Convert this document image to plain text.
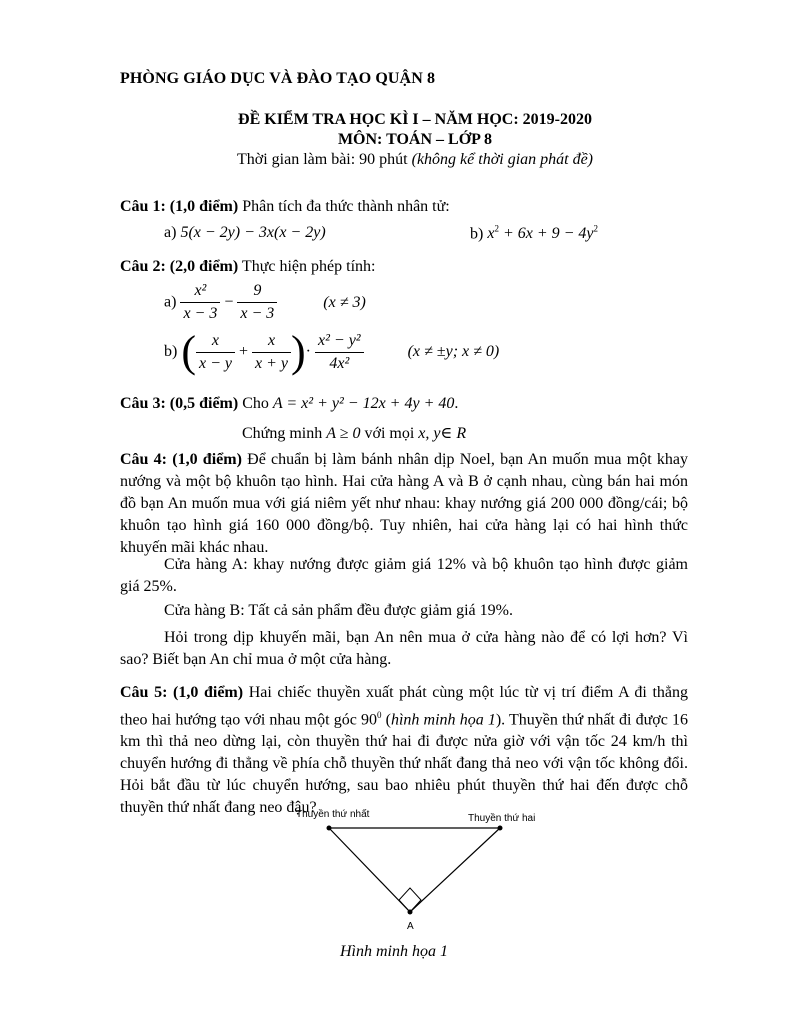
PHÒNG GIÁO DỤC VÀ ĐÀO TẠO QUẬN 8
ĐỀ KIỂM TRA HỌC KÌ I – NĂM HỌC: 2019-2020
MÔN: TOÁN – LỚP 8
Thời gian làm bài: 90 phút (không kể thời gian phát đề)
Câu 1: (1,0 điểm) Phân tích đa thức thành nhân tử:
a) 5(x − 2y) − 3x(x − 2y)	b) $x^2 + 6x + 9 - 4y^2$
Câu 2: (2,0 điểm) Thực hiện phép tính:
$a) \frac{\text{x²}}{x - 3} - \frac{9}{x - 3}$	(x ≠ 3)
b) ( $\frac{x}{x - y} + \frac{x}{x + y}$ )· $\frac{\text{x² − y²}}{\text{4x²}}$	(x ≠ ±y; x ≠ 0)
Câu 3: (0,5 điểm) Cho A = x² + y² − 12x + 4y + 40.
Chứng minh A ≥ 0 với mọi x, y∈ R
Câu 4: (1,0 điểm) Để chuẩn bị làm bánh nhân dịp Noel, bạn An muốn mua một khay nướng và một bộ khuôn tạo hình. Hai cửa hàng A và B ở cạnh nhau, cùng bán hai món đồ bạn An muốn mua với giá niêm yết như nhau: khay nướng giá 200 000 đồng/cái; bộ khuôn tạo hình giá 160 000 đồng/bộ. Tuy nhiên, hai cửa hàng lại có hai hình thức khuyến mãi khác nhau.
Cửa hàng A: khay nướng được giảm giá 12% và bộ khuôn tạo hình được giảm giá 25%.
Cửa hàng B: Tất cả sản phẩm đều được giảm giá 19%.
Hỏi trong dịp khuyến mãi, bạn An nên mua ở cửa hàng nào để có lợi hơn? Vì sao? Biết bạn An chỉ mua ở một cửa hàng.
Câu 5: (1,0 điểm) Hai chiếc thuyền xuất phát cùng một lúc từ vị trí điểm A đi thẳng theo hai hướng tạo với nhau một góc $90^0$ (hình minh họa 1). Thuyền thứ nhất đi được 16 km thì thả neo dừng lại, còn thuyền thứ hai đi được nửa giờ với vận tốc 24 km/h thì chuyển hướng đi thẳng về phía chỗ thuyền thứ nhất đang thả neo với vận tốc không đổi. Hỏi bắt đầu từ lúc chuyển hướng, sau bao nhiêu phút thuyền thứ hai đến được chỗ thuyền thứ nhất đang neo đậu?
Thuyền thứ nhất	Thuyền thứ hai
A
Hình minh họa 1
